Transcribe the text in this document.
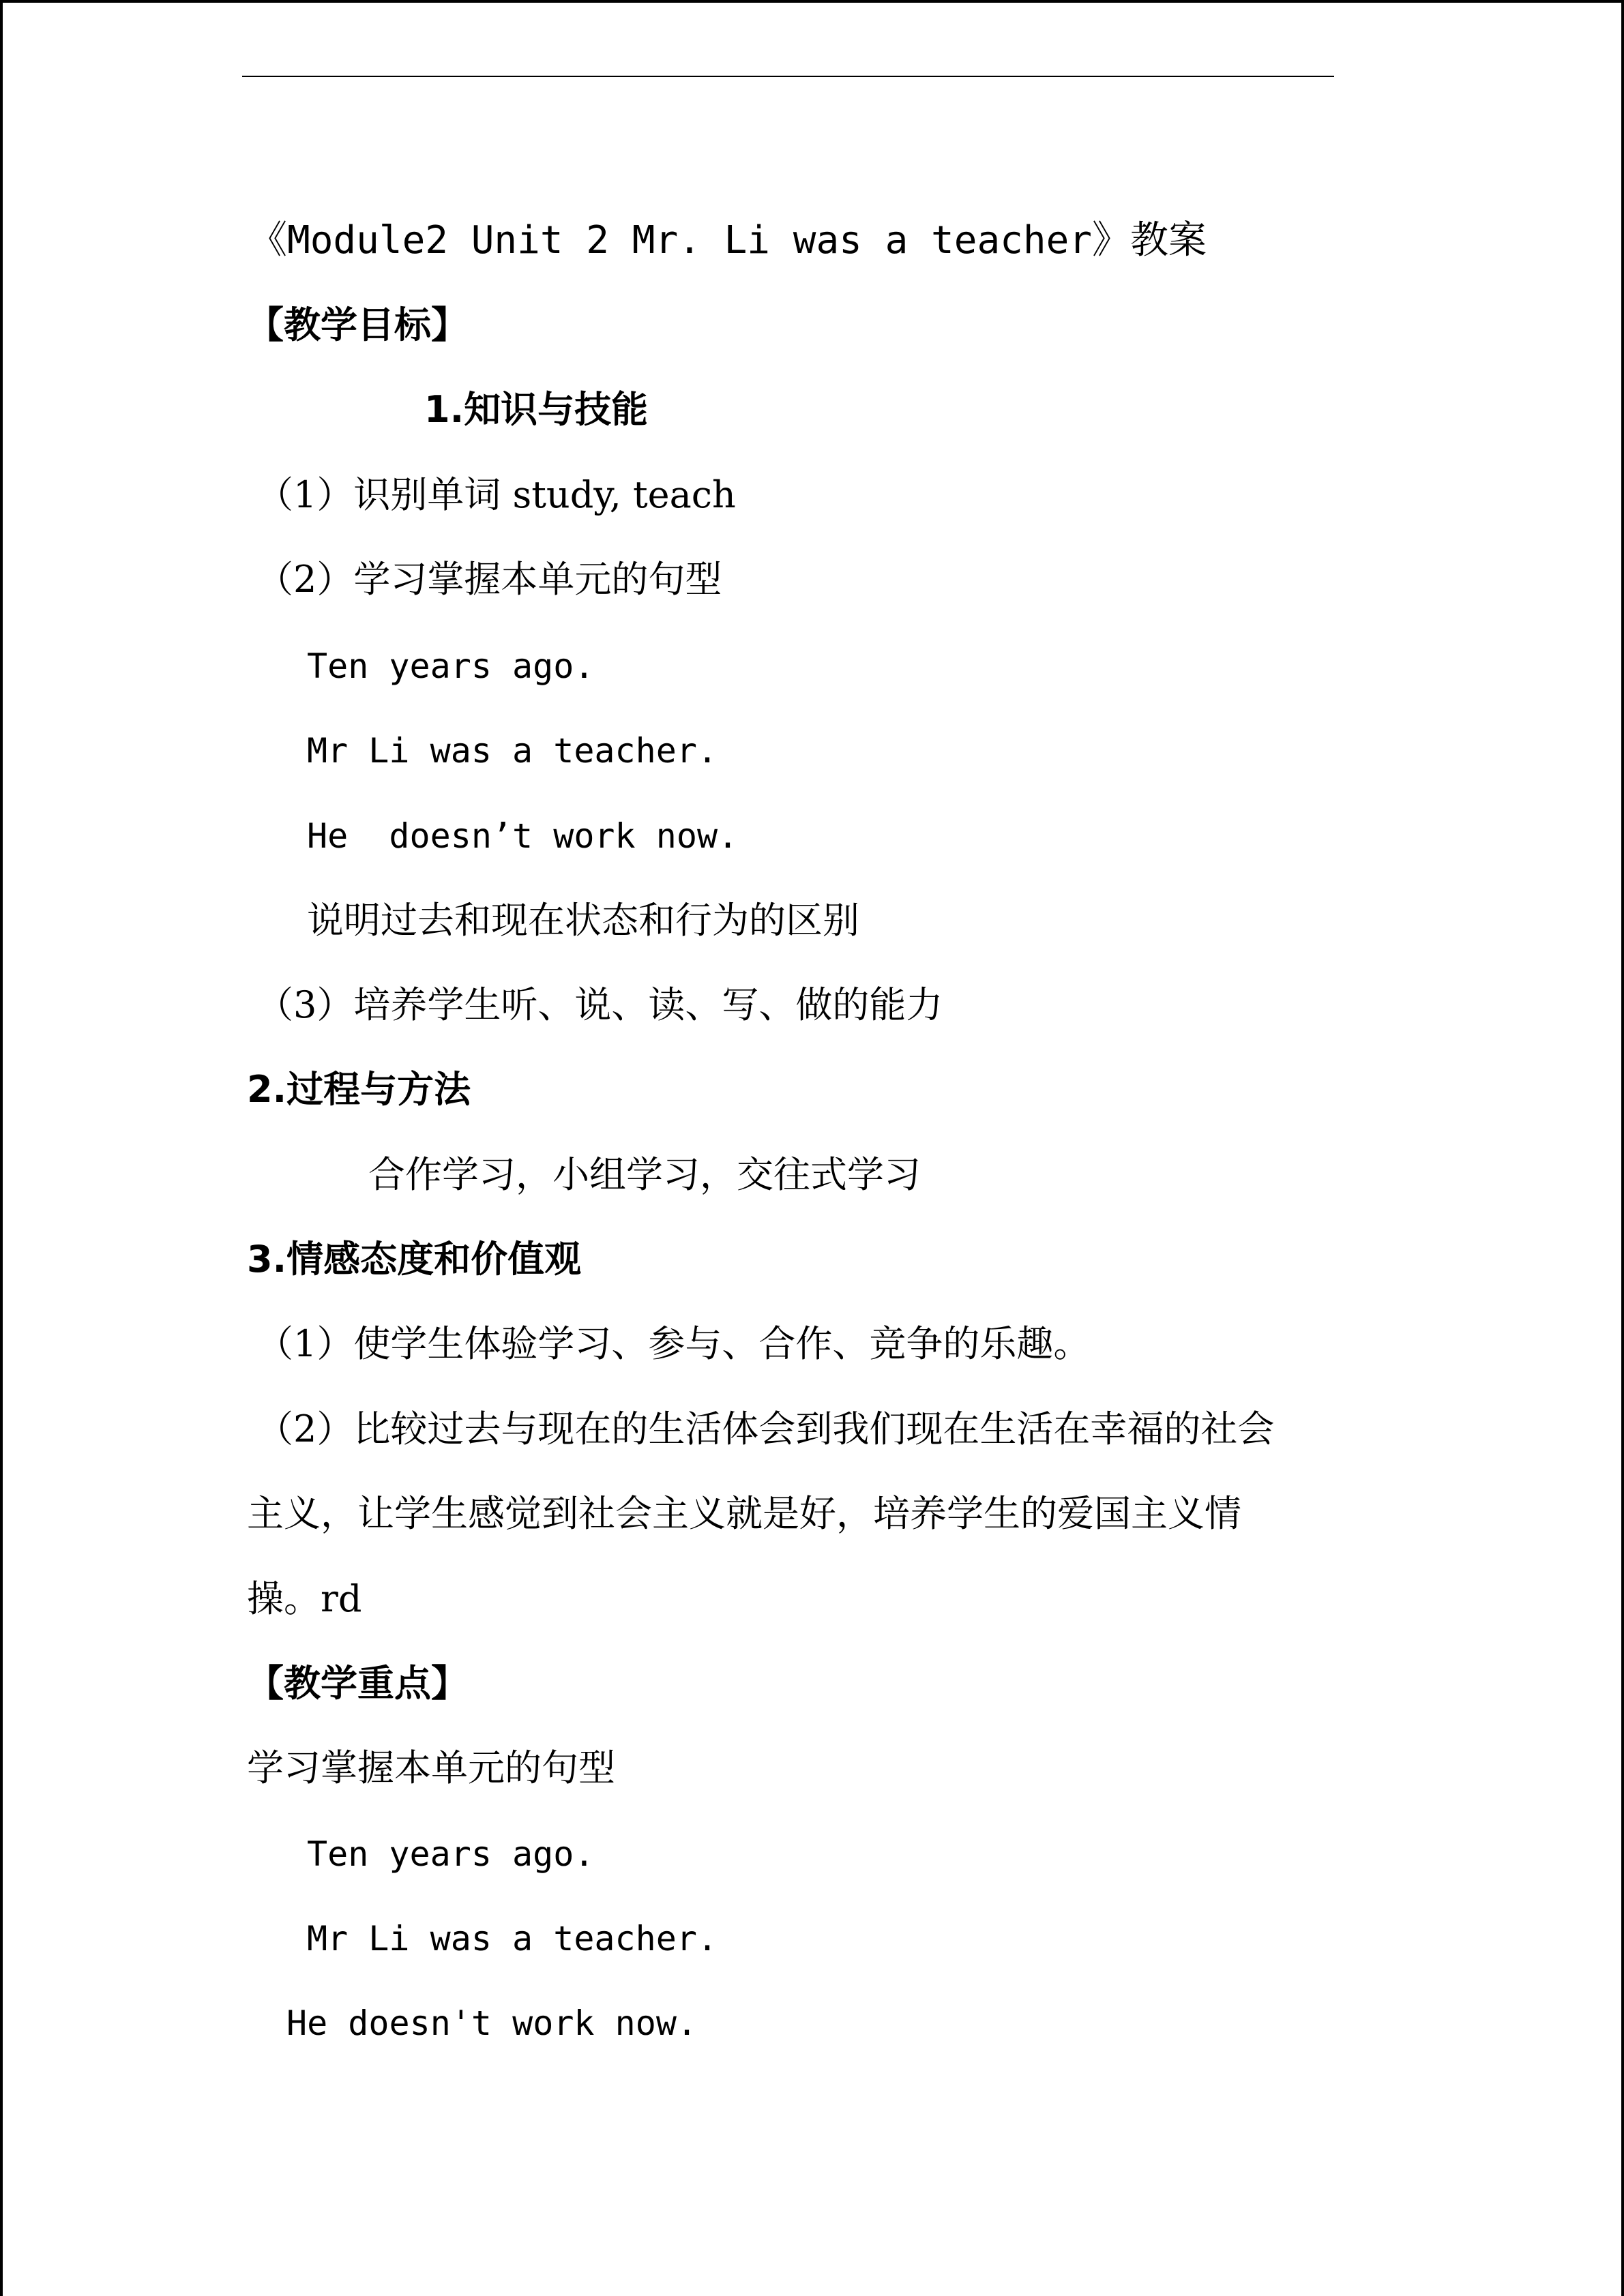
《Module2 Unit 2 Mr. Li was a teacher》教案
【教学目标】
1.知识与技能
（1）识别单词 study, teach
（2）学习掌握本单元的句型
Ten years ago.
Mr Li was a teacher.
He  doesn’t work now.
说明过去和现在状态和行为的区别
（3）培养学生听、说、读、写、做的能力
2.过程与方法
合作学习，小组学习，交往式学习
3.情感态度和价值观
（1）使学生体验学习、参与、合作、竞争的乐趣。
（2）比较过去与现在的生活体会到我们现在生活在幸福的社会
主义，让学生感觉到社会主义就是好，培养学生的爱国主义情
操。rd
【教学重点】
学习掌握本单元的句型
Ten years ago.
Mr Li was a teacher.
He doesn't work now.
